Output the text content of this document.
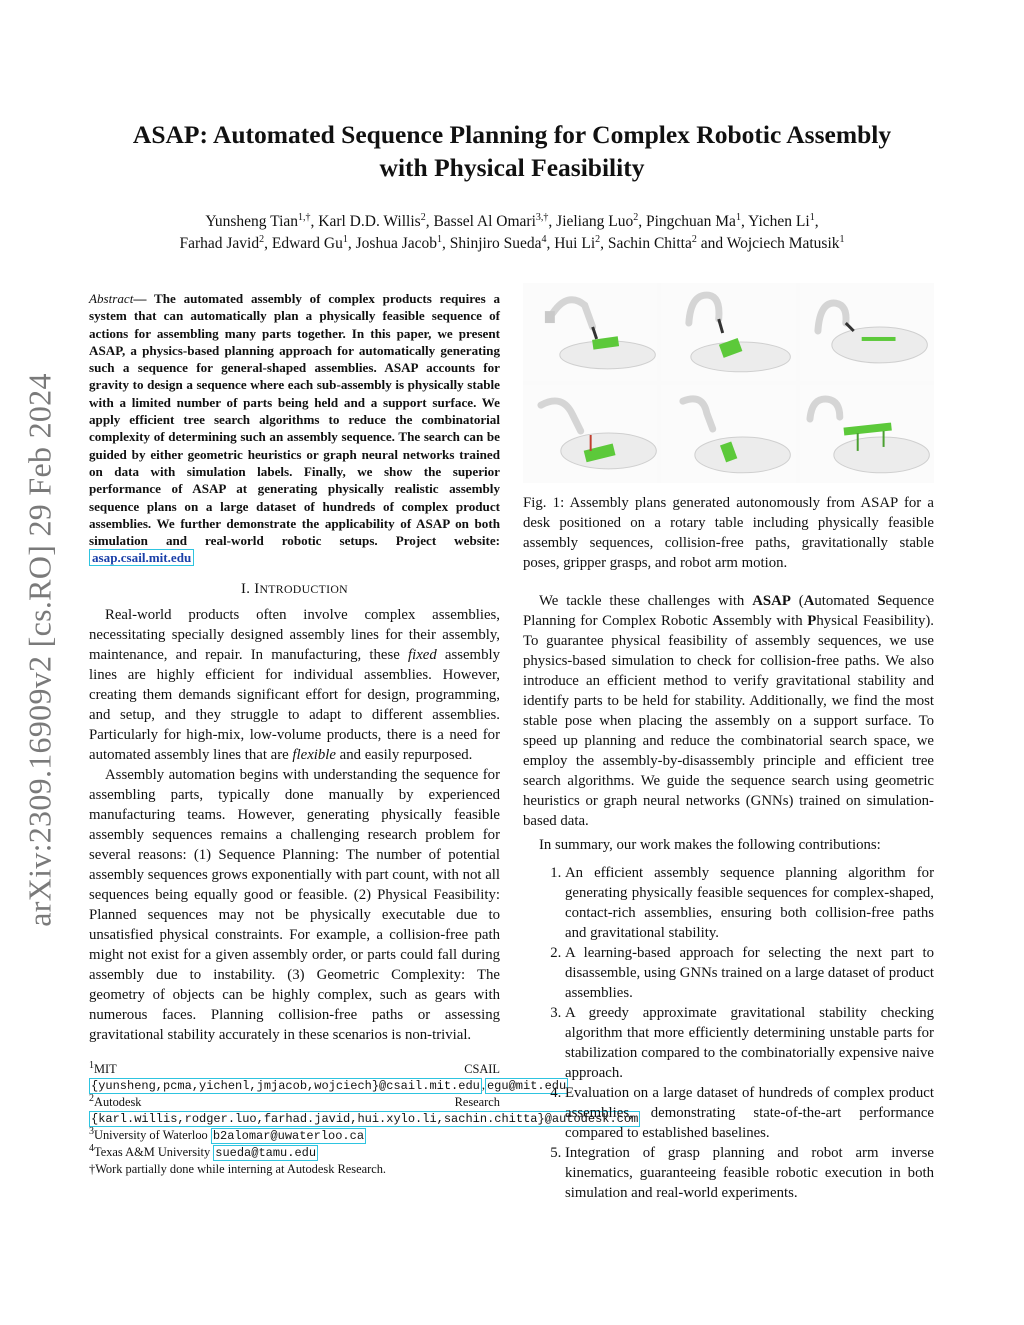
ASAP: Automated Sequence Planning for Complex Robotic Assembly
with Physical Feasibility
Yunsheng Tian$^{1,\dagger}$, Karl D.D. Willis$^2$, Bassel Al Omari$^{3,\dagger}$, Jieliang Luo$^2$, Pingchuan Ma$^1$, Yichen Li$^1$,
Farhad Javid$^2$, Edward Gu$^1$, Joshua Jacob$^1$, Shinjiro Sueda$^4$, Hui Li$^2$, Sachin Chitta$^2$ and Wojciech Matusik$^1$
arXiv:2309.16909v2 [cs.RO] 29 Feb 2024
Abstract— The automated assembly of complex products requires a system that can automatically plan a physically feasible sequence of actions for assembling many parts together. In this paper, we present ASAP, a physics-based planning approach for automatically generating such a sequence for general-shaped assemblies. ASAP accounts for gravity to design a sequence where each sub-assembly is physically stable with a limited number of parts being held and a support surface. We apply efficient tree search algorithms to reduce the combinatorial complexity of determining such an assembly sequence. The search can be guided by either geometric heuristics or graph neural networks trained on data with simulation labels. Finally, we show the superior performance of ASAP at generating physically realistic assembly sequence plans on a large dataset of hundreds of complex product assemblies. We further demonstrate the applicability of ASAP on both simulation and real-world robotic setups. Project website: asap.csail.mit.edu
I. INTRODUCTION

Real-world products often involve complex assemblies, necessitating specially designed assembly lines for their assembly, maintenance, and repair. In manufacturing, these fixed assembly lines are highly efficient for individual assemblies. However, creating them demands significant effort for design, programming, and setup, and they struggle to adapt to different assemblies. Particularly for high-mix, low-volume products, there is a need for automated assembly lines that are flexible and easily repurposed.

Assembly automation begins with understanding the sequence for assembling parts, typically done manually by experienced manufacturing teams. However, generating physically feasible assembly sequences remains a challenging research problem for several reasons: (1) Sequence Planning: The number of potential assembly sequences grows exponentially with part count, with not all sequences being equally good or feasible. (2) Physical Feasibility: Planned sequences may not be physically executable due to unsatisfied physical constraints. For example, a collision-free path might not exist for a given assembly order, or parts could fall during assembly due to instability. (3) Geometric Complexity: The geometry of objects can be highly complex, such as gears with numerous faces. Planning collision-free paths or assessing gravitational stability accurately in these scenarios is non-trivial.

$^1$MIT CSAIL {yunsheng,pcma,yichenl,jmjacob,wojciech}@csail.mit.edu , egu@mit.edu
$^2$Autodesk Research {karl.willis,rodger.luo,farhad.javid,hui.xylo.li,sachin.chitta}@autodesk.com
$^3$University of Waterloo b2alomar@uwaterloo.ca
$^4$Texas A&M University sueda@tamu.edu
†Work partially done while interning at Autodesk Research.
Fig. 1: Assembly plans generated autonomously from ASAP for a desk positioned on a rotary table including physically feasible assembly sequences, collision-free paths, gravitationally stable poses, gripper grasps, and robot arm motion.

We tackle these challenges with ASAP (Automated Sequence Planning for Complex Robotic Assembly with Physical Feasibility). To guarantee physical feasibility of assembly sequences, we use physics-based simulation to check for collision-free paths. We also introduce an efficient method to verify gravitational stability and identify parts to be held for stability. Additionally, we find the most stable pose when placing the assembly on a support surface. To speed up planning and reduce the combinatorial search space, we employ the assembly-by-disassembly principle and efficient tree search algorithms. We guide the sequence search using geometric heuristics or graph neural networks (GNNs) trained on simulation-based data.

In summary, our work makes the following contributions:

1. An efficient assembly sequence planning algorithm for generating physically feasible sequences for complex-shaped, contact-rich assemblies, ensuring both collision-free paths and gravitational stability.
2. A learning-based approach for selecting the next part to disassemble, using GNNs trained on a large dataset of product assemblies.
3. A greedy approximate gravitational stability checking algorithm that more efficiently determining unstable parts for stabilization compared to the combinatorially expensive naive approach.
4. Evaluation on a large dataset of hundreds of complex product assemblies, demonstrating state-of-the-art performance compared to established baselines.
5. Integration of grasp planning and robot arm inverse kinematics, guaranteeing feasible robotic execution in both simulation and real-world experiments.
